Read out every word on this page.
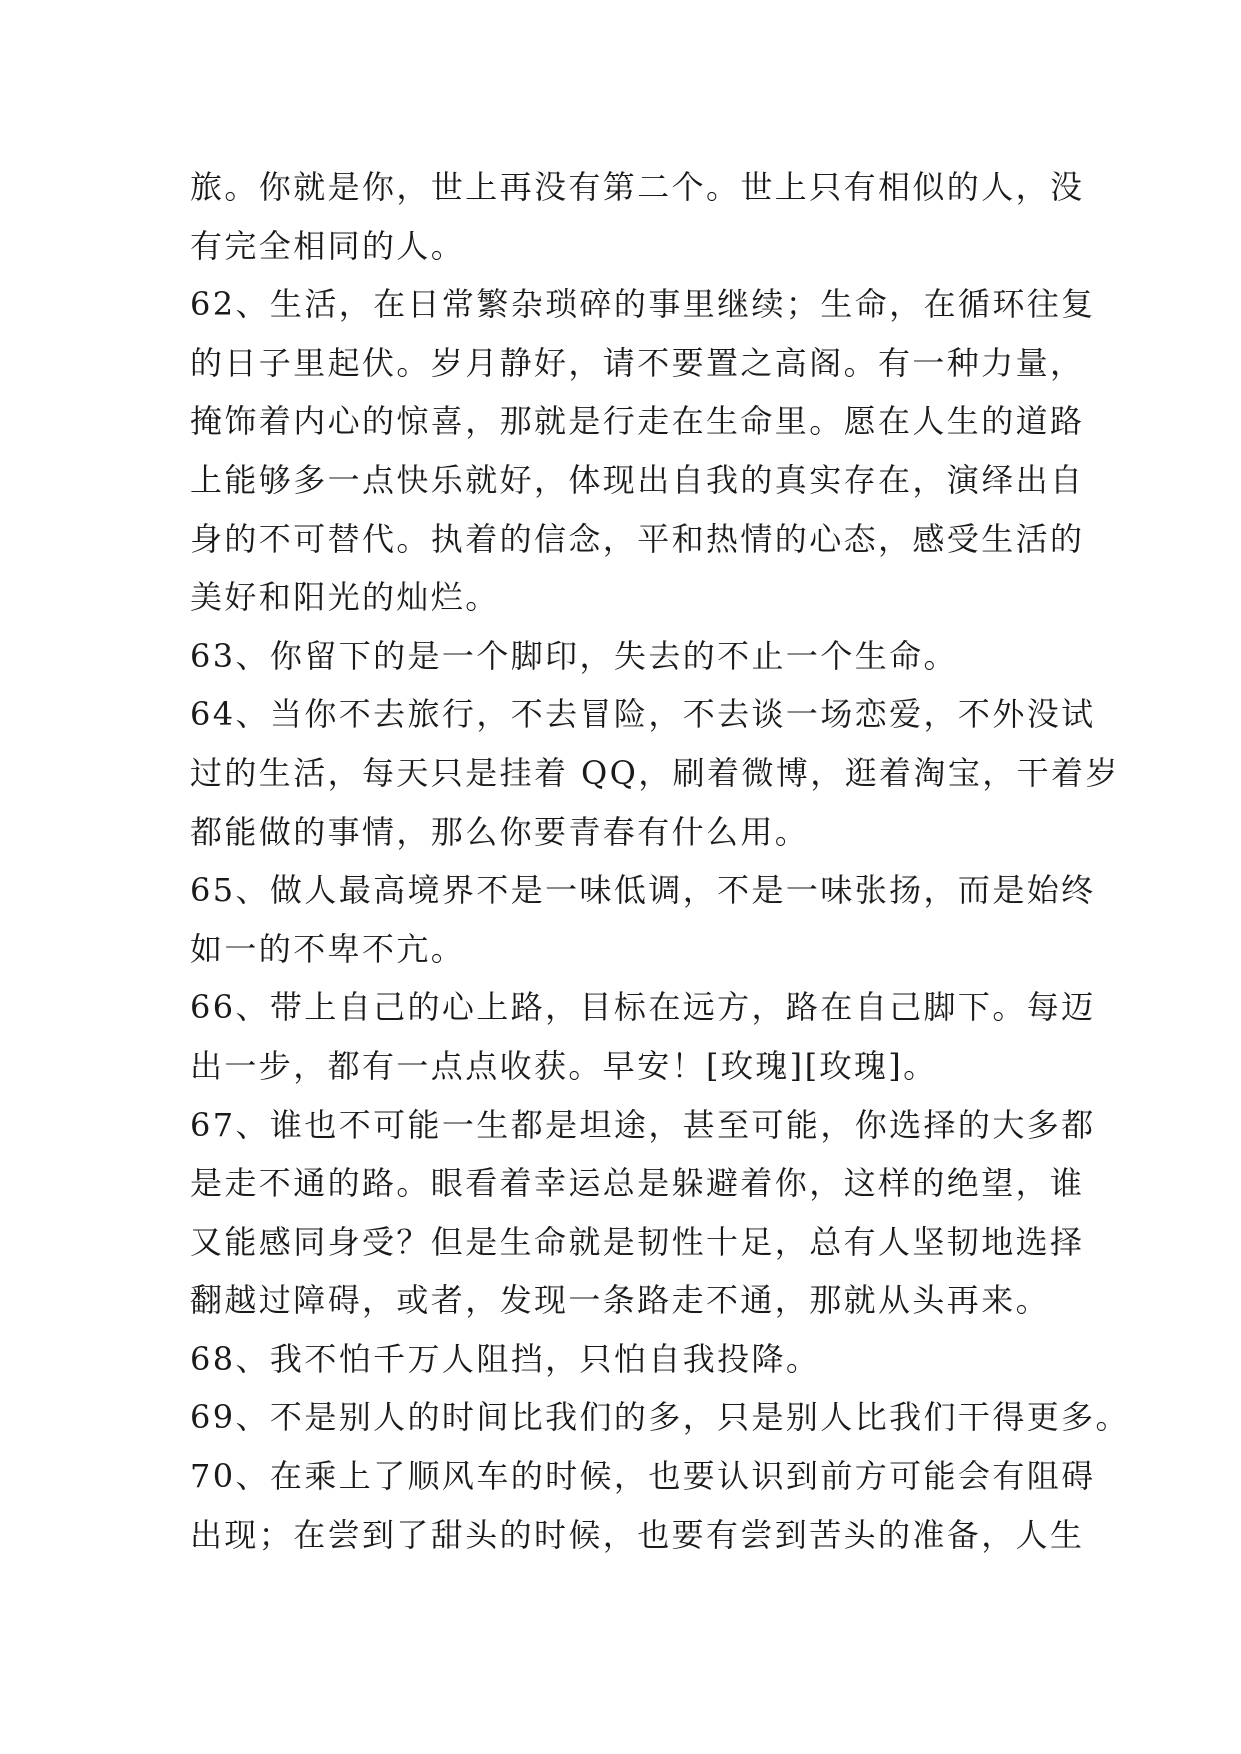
旅。你就是你，世上再没有第二个。世上只有相似的人，没
有完全相同的人。
62、生活，在日常繁杂琐碎的事里继续；生命，在循环往复
的日子里起伏。岁月静好，请不要置之高阁。有一种力量，
掩饰着内心的惊喜，那就是行走在生命里。愿在人生的道路
上能够多一点快乐就好，体现出自我的真实存在，演绎出自
身的不可替代。执着的信念，平和热情的心态，感受生活的
美好和阳光的灿烂。
63、你留下的是一个脚印，失去的不止一个生命。
64、当你不去旅行，不去冒险，不去谈一场恋爱，不外没试
过的生活，每天只是挂着 QQ，刷着微博，逛着淘宝，干着岁
都能做的事情，那么你要青春有什么用。
65、做人最高境界不是一味低调，不是一味张扬，而是始终
如一的不卑不亢。
66、带上自己的心上路，目标在远方，路在自己脚下。每迈
出一步，都有一点点收获。早安！[玫瑰][玫瑰]。
67、谁也不可能一生都是坦途，甚至可能，你选择的大多都
是走不通的路。眼看着幸运总是躲避着你，这样的绝望，谁
又能感同身受？但是生命就是韧性十足，总有人坚韧地选择
翻越过障碍，或者，发现一条路走不通，那就从头再来。
68、我不怕千万人阻挡，只怕自我投降。
69、不是别人的时间比我们的多，只是别人比我们干得更多。
70、在乘上了顺风车的时候，也要认识到前方可能会有阻碍
出现；在尝到了甜头的时候，也要有尝到苦头的准备，人生
